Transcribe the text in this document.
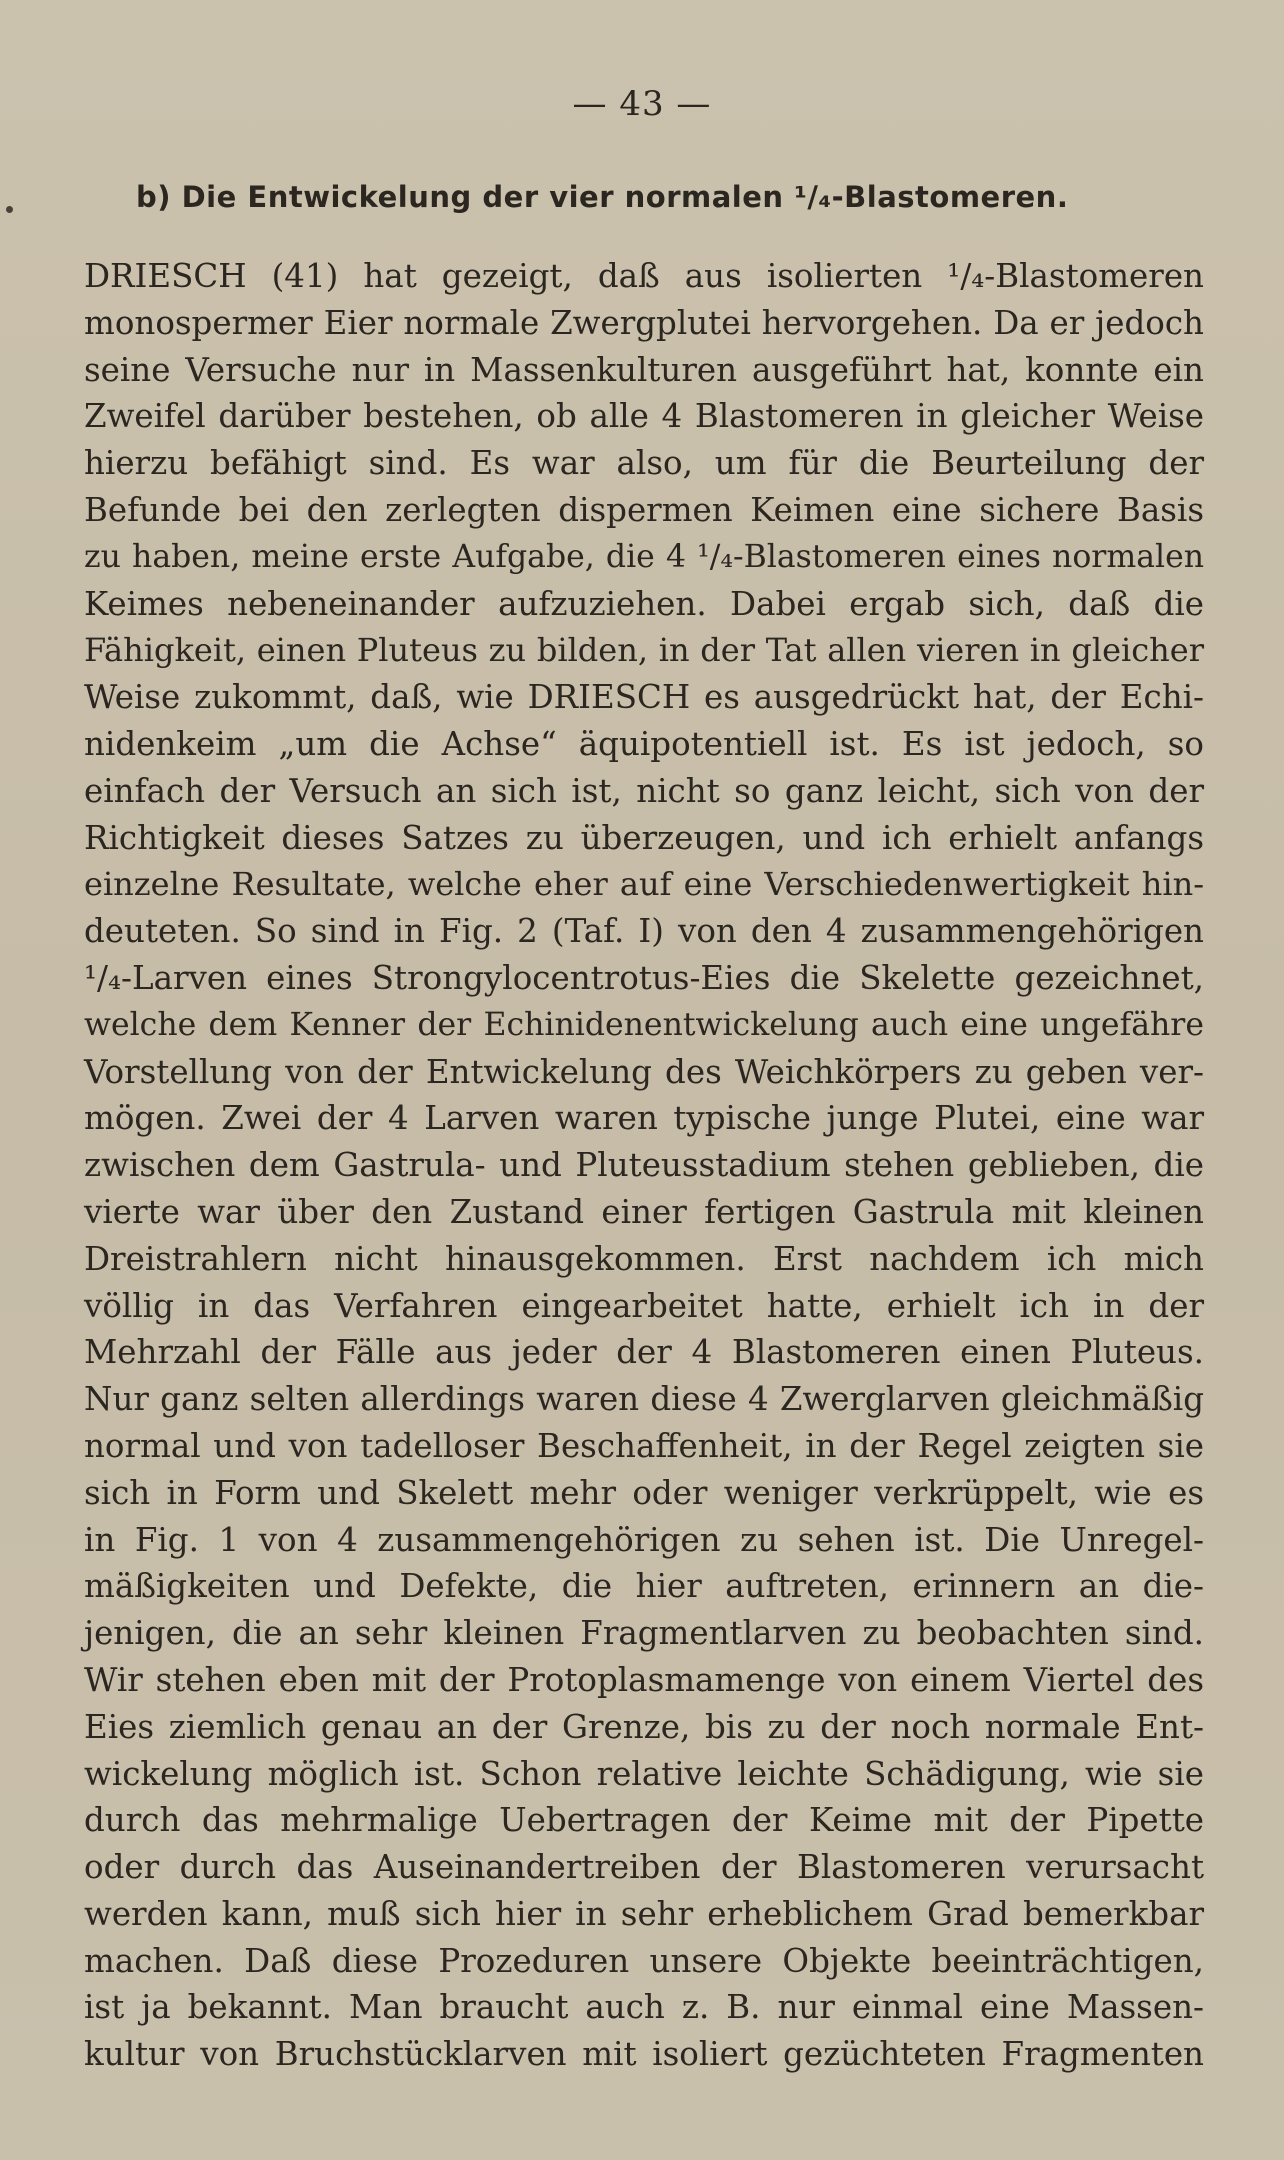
— 43 —
b) Die Entwickelung der vier normalen ¹/₄-Blastomeren.
DRIESCH (41) hat gezeigt, daß aus isolierten ¹/₄-Blastomeren
monospermer Eier normale Zwergplutei hervorgehen. Da er jedoch
seine Versuche nur in Massenkulturen ausgeführt hat, konnte ein
Zweifel darüber bestehen, ob alle 4 Blastomeren in gleicher Weise
hierzu befähigt sind. Es war also, um für die Beurteilung der
Befunde bei den zerlegten dispermen Keimen eine sichere Basis
zu haben, meine erste Aufgabe, die 4 ¹/₄-Blastomeren eines normalen
Keimes nebeneinander aufzuziehen. Dabei ergab sich, daß die
Fähigkeit, einen Pluteus zu bilden, in der Tat allen vieren in gleicher
Weise zukommt, daß, wie DRIESCH es ausgedrückt hat, der Echi-
nidenkeim „um die Achse“ äquipotentiell ist. Es ist jedoch, so
einfach der Versuch an sich ist, nicht so ganz leicht, sich von der
Richtigkeit dieses Satzes zu überzeugen, und ich erhielt anfangs
einzelne Resultate, welche eher auf eine Verschiedenwertigkeit hin-
deuteten. So sind in Fig. 2 (Taf. I) von den 4 zusammengehörigen
¹/₄-Larven eines Strongylocentrotus-Eies die Skelette gezeichnet,
welche dem Kenner der Echinidenentwickelung auch eine ungefähre
Vorstellung von der Entwickelung des Weichkörpers zu geben ver-
mögen. Zwei der 4 Larven waren typische junge Plutei, eine war
zwischen dem Gastrula- und Pluteusstadium stehen geblieben, die
vierte war über den Zustand einer fertigen Gastrula mit kleinen
Dreistrahlern nicht hinausgekommen. Erst nachdem ich mich
völlig in das Verfahren eingearbeitet hatte, erhielt ich in der
Mehrzahl der Fälle aus jeder der 4 Blastomeren einen Pluteus.
Nur ganz selten allerdings waren diese 4 Zwerglarven gleichmäßig
normal und von tadelloser Beschaffenheit, in der Regel zeigten sie
sich in Form und Skelett mehr oder weniger verkrüppelt, wie es
in Fig. 1 von 4 zusammengehörigen zu sehen ist. Die Unregel-
mäßigkeiten und Defekte, die hier auftreten, erinnern an die-
jenigen, die an sehr kleinen Fragmentlarven zu beobachten sind.
Wir stehen eben mit der Protoplasmamenge von einem Viertel des
Eies ziemlich genau an der Grenze, bis zu der noch normale Ent-
wickelung möglich ist. Schon relative leichte Schädigung, wie sie
durch das mehrmalige Uebertragen der Keime mit der Pipette
oder durch das Auseinandertreiben der Blastomeren verursacht
werden kann, muß sich hier in sehr erheblichem Grad bemerkbar
machen. Daß diese Prozeduren unsere Objekte beeinträchtigen,
ist ja bekannt. Man braucht auch z. B. nur einmal eine Massen-
kultur von Bruchstücklarven mit isoliert gezüchteten Fragmenten
